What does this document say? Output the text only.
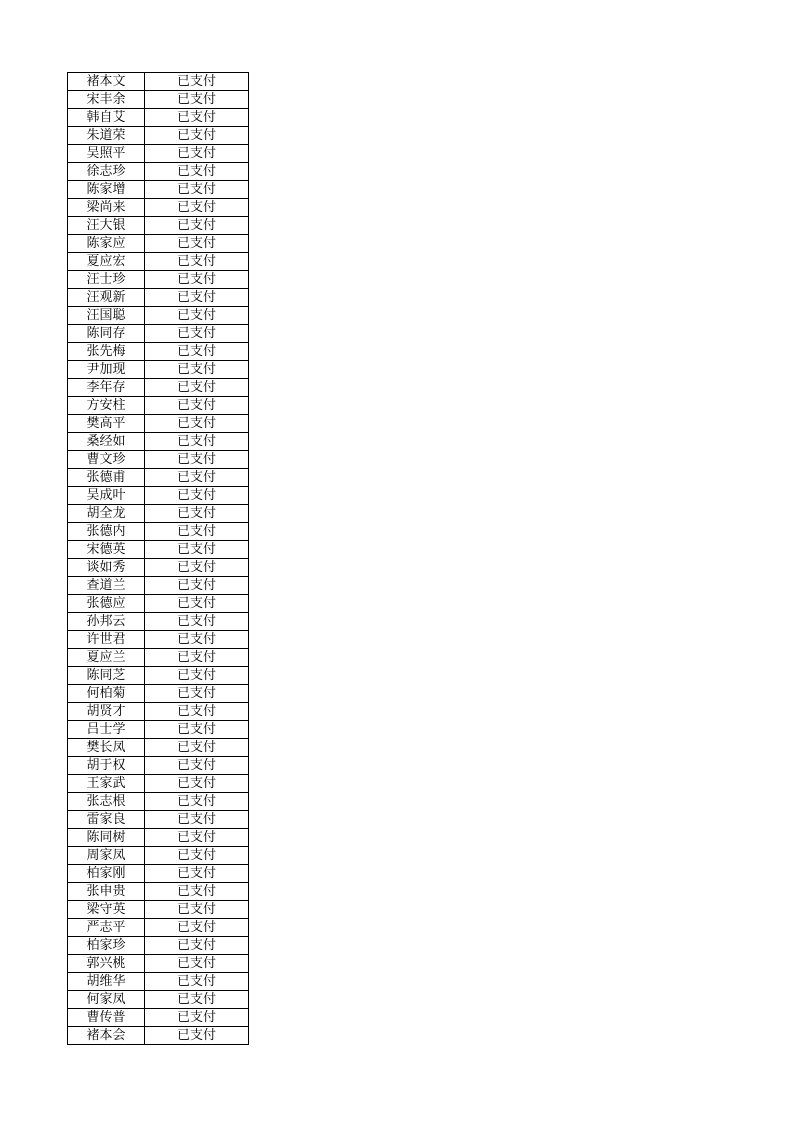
褚本文	已支付
宋丰余	已支付
韩自艾	已支付
朱道荣	已支付
吴照平	已支付
徐志珍	已支付
陈家增	已支付
梁尚来	已支付
汪大银	已支付
陈家应	已支付
夏应宏	已支付
汪士珍	已支付
汪观新	已支付
汪国聪	已支付
陈同存	已支付
张先梅	已支付
尹加现	已支付
李年存	已支付
方安柱	已支付
樊高平	已支付
桑经如	已支付
曹文珍	已支付
张德甫	已支付
吴成叶	已支付
胡全龙	已支付
张德内	已支付
宋德英	已支付
谈如秀	已支付
查道兰	已支付
张德应	已支付
孙邦云	已支付
许世君	已支付
夏应兰	已支付
陈同芝	已支付
何柏菊	已支付
胡贤才	已支付
吕士学	已支付
樊长凤	已支付
胡于权	已支付
王家武	已支付
张志根	已支付
雷家良	已支付
陈同树	已支付
周家凤	已支付
柏家刚	已支付
张申贵	已支付
梁守英	已支付
严志平	已支付
柏家珍	已支付
郭兴桃	已支付
胡维华	已支付
何家凤	已支付
曹传普	已支付
褚本会	已支付
